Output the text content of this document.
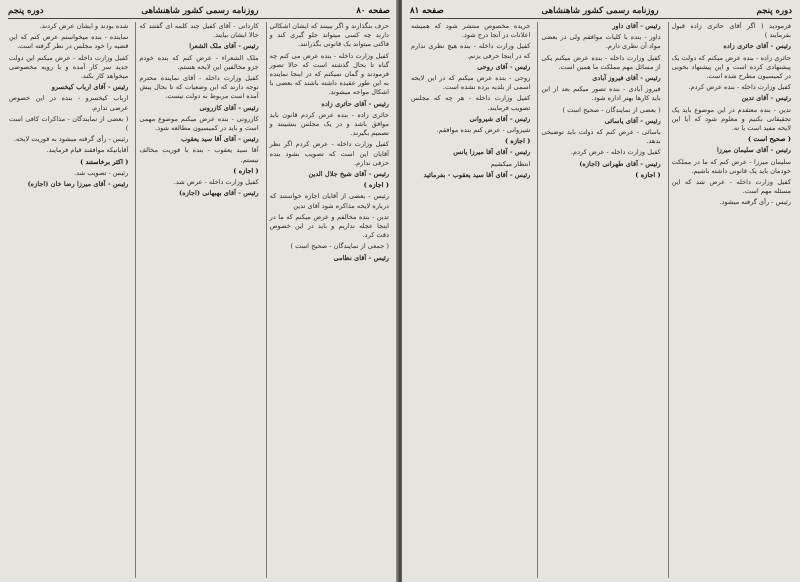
صفحه ۸۰
روزنامه رسمی کشور شاهنشاهی
دوره پنجم

حرف بنگذارند و اگر ببینند که ایشان اشکالی دارند چه کسی میتواند جلو گیری کند و فاکتی میتواند یک قانونی بگذرانند.

کفیل وزارت داخله - بنده عرض می کنم چه گناه تا بحال گذشته است که حالا تصور فرمودند و گمان نمیکنم که در اینجا نماینده به این طور عقیده داشته باشند که بعضی با اشکال مواجه میشوند.

رئیس - آقای حائری زاده

حائری زاده - بنده عرض کردم قانون باید موافق باشد و در یک مجلس بنشینند و تصمیم بگیرند.

کفیل وزارت داخله - عرض کردم اگر نظر آقایان این است که تصویب بشود بنده حرفی ندارم.

رئیس - آقای شیخ جلال الدین

( اجازه )

رئیس - بعضی از آقایان اجازه خواستند که درباره لایحه مذاکره شود آقای تدین

تدین - بنده مخالفم و عرض میکنم که ما در اینجا عجله نداریم و باید در این خصوص دقت کرد.

( جمعی از نمایندگان - صحیح است )

رئیس - آقای نظامی

کاردانی - آقای کفیل چند کلمه ای گفتند که حالا ایشان بیایند.

رئیس - آقای ملک الشعرا

ملک الشعراء - عرض کنم که بنده خودم جزو مخالفین این لایحه هستم.

کفیل وزارت داخله - آقای نماینده محترم توجه دارند که این وضعیات که تا بحال پیش آمده است مربوط به دولت نیست.

رئیس - آقای کازرونی

کازرونی - بنده عرض میکنم موضوع مهمی است و باید در کمیسیون مطالعه شود.

رئیس - آقای آقا سید یعقوب

آقا سید یعقوب - بنده با فوریت مخالف نیستم.

( اجازه )

کفیل وزارت داخله - عرض شد.

رئیس - آقای بهبهانی (اجازه)

شده بودند و ایشان عرض کردند.

نماینده - بنده میخواستم عرض کنم که این قضیه را خود مجلس در نظر گرفته است.

کفیل وزارت داخله - عرض میکنم این دولت جدید سر کار آمده و با رویه مخصوصی میخواهد کار بکند.

رئیس - آقای ارباب کیخسرو

ارباب کیخسرو - بنده در این خصوص عرضی ندارم.

( بعضی از نمایندگان - مذاکرات کافی است )

رئیس - رأی گرفته میشود به فوریت لایحه.

آقایانیکه موافقند قیام فرمایند.

( اکثر برخاستند )

رئیس - تصویب شد.

رئیس - آقای میرزا رضا خان (اجازه)

دوره پنجم
روزنامه رسمی کشور شاهنشاهی
صفحه ۸۱

فرمودید ( اگر آقای حائری زاده قبول بفرمایند )

رئیس - آقای حائری زاده

حائری زاده - بنده عرض میکنم که دولت یک پیشنهادی کرده است و این پیشنهاد بخوبی در کمیسیون مطرح شده است.

کفیل وزارت داخله - بنده عرض کردم.

رئیس - آقای تدین

تدین - بنده معتقدم در این موضوع باید یک تحقیقاتی بکنیم و معلوم شود که آیا این لایحه مفید است یا نه.

( صحیح است )

رئیس - آقای سلیمان میرزا

سلیمان میرزا - عرض کنم که ما در مملکت خودمان باید یک قانونی داشته باشیم.

کفیل وزارت داخله - عرض شد که این مسئله مهم است.

رئیس - رأی گرفته میشود.

رئیس - آقای داور

داور - بنده با کلیات موافقم ولی در بعضی مواد آن نظری دارم.

کفیل وزارت داخله - بنده عرض میکنم یکی از مسائل مهم مملکت ما همین است.

رئیس - آقای فیروز آبادی

فیروز آبادی - بنده تصور میکنم بعد از این باید کارها بهتر اداره شود.

( بعضی از نمایندگان - صحیح است )

رئیس - آقای یاسائی

یاسائی - عرض کنم که دولت باید توضیحی بدهد.

کفیل وزارت داخله - عرض کردم.

رئیس - آقای طهرانی (اجازه)

( اجازه )

جریده مخصوص منتشر شود که همیشه اعلانات در آنجا درج شود.

کفیل وزارت داخله - بنده هیچ نظری ندارم که در اینجا حرفی بزنم.

رئیس - آقای روحی

روحی - بنده عرض میکنم که در این لایحه اسمی از بلدیه برده نشده است.

کفیل وزارت داخله - هر چه که مجلس تصویب فرمایند.

رئیس - آقای شیروانی

شیروانی - عرض کنم بنده موافقم.

( اجازه )

رئیس - آقای آقا میرزا یانس

انتظار میکشیم

رئیس - آقای آقا سید یعقوب - بفرمائید
